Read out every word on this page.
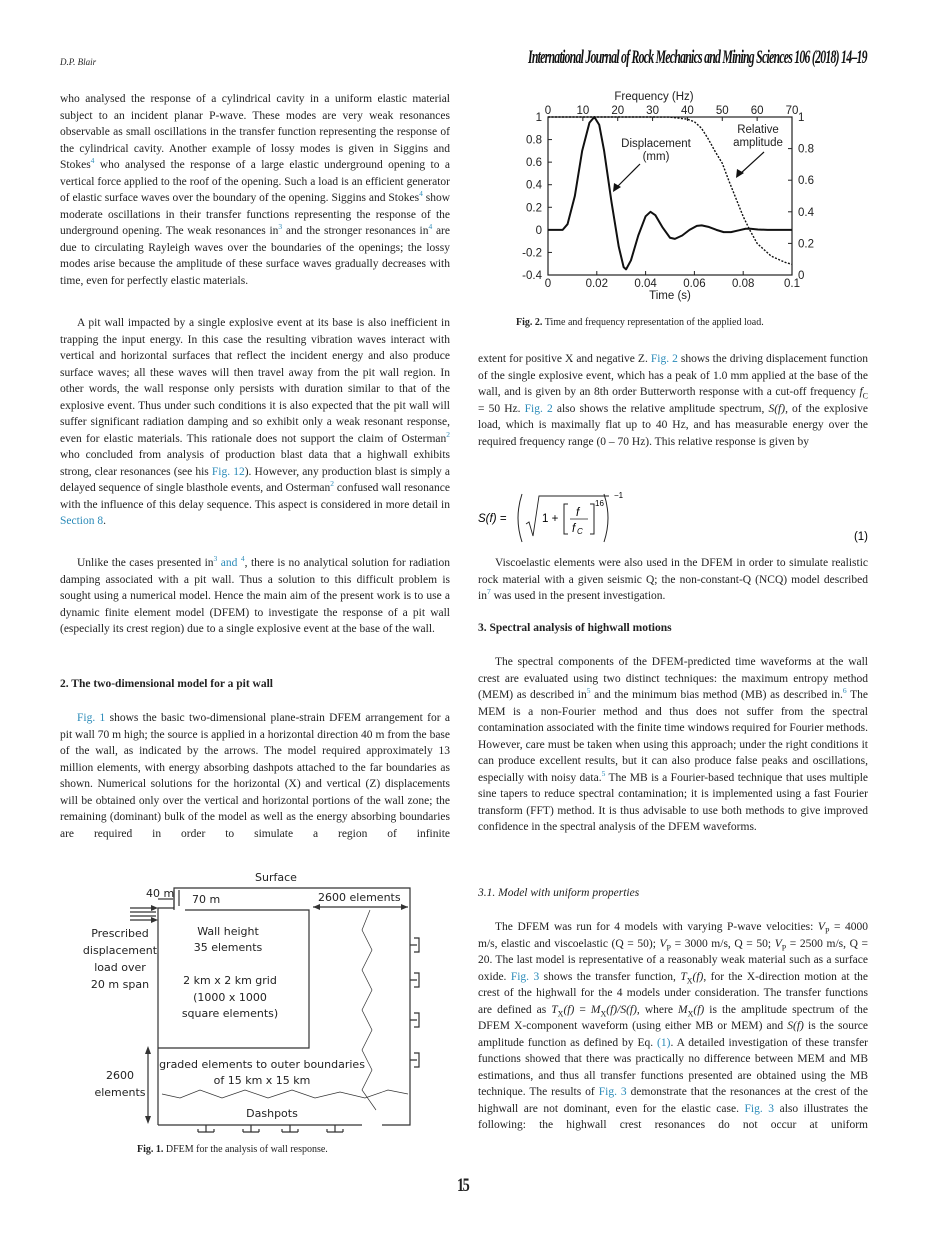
D.P. Blair	International Journal of Rock Mechanics and Mining Sciences 106 (2018) 14–19
who analysed the response of a cylindrical cavity in a uniform elastic material subject to an incident planar P-wave. These modes are very weak resonances observable as small oscillations in the transfer function representing the response of the cylindrical cavity. Another example of lossy modes is given in Siggins and Stokes$^4$ who analysed the response of a large elastic underground opening to a vertical force applied to the roof of the opening. Such a load is an efficient generator of elastic surface waves over the boundary of the opening. Siggins and Stokes$^4$ show moderate oscillations in their transfer functions representing the response of the underground opening. The weak resonances $in^3$ and the stronger resonances $in^4$ are due to circulating Rayleigh waves over the boundaries of the openings; the lossy modes arise because the amplitude of these surface waves gradually decreases with time, even for perfectly elastic materials.
A pit wall impacted by a single explosive event at its base is also inefficient in trapping the input energy. In this case the resulting vibration waves interact with vertical and horizontal surfaces that reflect the incident energy and also produce surface waves; all these waves will then travel away from the pit wall region. In other words, the wall response only persists with duration similar to that of the explosive event. Thus under such conditions it is also expected that the pit wall will suffer significant radiation damping and so exhibit only a weak resonant response, even for elastic materials. This rationale does not support the claim of Osterman$^2$ who concluded from analysis of production blast data that a highwall exhibits strong, clear resonances (see his Fig. 12). However, any production blast is simply a delayed sequence of single blasthole events, and Osterman$^2$ confused wall resonance with the influence of this delay sequence. This aspect is considered in more detail in Section 8.
Unlike the cases presented $in^3$ and $^4$, there is no analytical solution for radiation damping associated with a pit wall. Thus a solution to this difficult problem is sought using a numerical model. Hence the main aim of the present work is to use a dynamic finite element model (DFEM) to investigate the response of a pit wall (especially its crest region) due to a single explosive event at the base of the wall.
2. The two-dimensional model for a pit wall
Fig. 1 shows the basic two-dimensional plane-strain DFEM arrangement for a pit wall 70 m high; the source is applied in a horizontal direction 40 m from the base of the wall, as indicated by the arrows. The model required approximately 13 million elements, with energy absorbing dashpots attached to the far boundaries as shown. Numerical solutions for the horizontal (X) and vertical (Z) displacements will be obtained only over the vertical and horizontal portions of the wall zone; the remaining (dominant) bulk of the model as well as the energy absorbing boundaries are required in order to simulate a region of infinite
Surface
40 m 70 m	2600 elements
Prescribed
displacement
load over
20 m span
Wall height
35 elements
2 km x 2 km grid
(1000 x 1000
square elements)
graded elements to outer boundaries
of 15 km x 15 km
2600
elements
Dashpots
Fig. 1. DFEM for the analysis of wall response.
0	0.02 0.04 0.06 0.08	0.1
0 10 20 30 40 50 60 70
-0.4
-0.2
0
0.2
0.4
0.6
0.8
1
0
0.2
0.4
0.6
0.8
1
Time (s)
Frequency (Hz)
Displacement
(mm)
Relative
amplitude
Fig. 2. Time and frequency representation of the applied load.
extent for positive X and negative Z. Fig. 2 shows the driving displacement function of the single explosive event, which has a peak of 1.0 mm applied at the base of the wall, and is given by an 8th order Butterworth response with a cut-off frequency $f_C = 50$ Hz. Fig. 2 also shows the relative amplitude spectrum, S(f), of the explosive load, which is maximally flat up to 40 Hz, and has measurable energy over the required frequency range (0 – 70 Hz). This relative response is given by
S(f) =	1 + f
f C
16
−1
(1)
Viscoelastic elements were also used in the DFEM in order to simulate realistic rock material with a given seismic Q; the non-constant-Q (NCQ) model described $in^7$ was used in the present investigation.
3. Spectral analysis of highwall motions
The spectral components of the DFEM-predicted time waveforms at the wall crest are evaluated using two distinct techniques: the maximum entropy method (MEM) as described $in^5$ and the minimum bias method (MB) as described in.$^6$ The MEM is a non-Fourier method and thus does not suffer from the spectral contamination associated with the finite time windows required for Fourier methods. However, care must be taken when using this approach; under the right conditions it can produce excellent results, but it can also produce false peaks and oscillations, especially with noisy data.$^5$ The MB is a Fourier-based technique that uses multiple sine tapers to reduce spectral contamination; it is implemented using a fast Fourier transform (FFT) method. It is thus advisable to use both methods to give improved confidence in the spectral analysis of the DFEM waveforms.
3.1. Model with uniform properties
The DFEM was run for 4 models with varying P-wave velocities: $V_P = 4000$ m/s, elastic and viscoelastic (Q = 50); $V_P = 3000$ m/s, Q = 50; $V_P = 2500$ m/s, Q = 20. The last model is representative of a reasonably weak material such as a surface oxide. Fig. 3 shows the transfer function, $T_X(f)$, for the X-direction motion at the crest of the highwall for the 4 models under consideration. The transfer functions are defined as $T_X(f) = M_X(f)/S(f)$, where $M_X(f)$ is the amplitude spectrum of the DFEM X-component waveform (using either MB or MEM) and S(f) is the source amplitude function as defined by Eq. (1). A detailed investigation of these transfer functions showed that there was practically no difference between MEM and MB estimations, and thus all transfer functions presented are obtained using the MB technique. The results of Fig. 3 demonstrate that the resonances at the crest of the highwall are not dominant, even for the elastic case. Fig. 3 also illustrates the following: the highwall crest resonances do not occur at uniform
15
